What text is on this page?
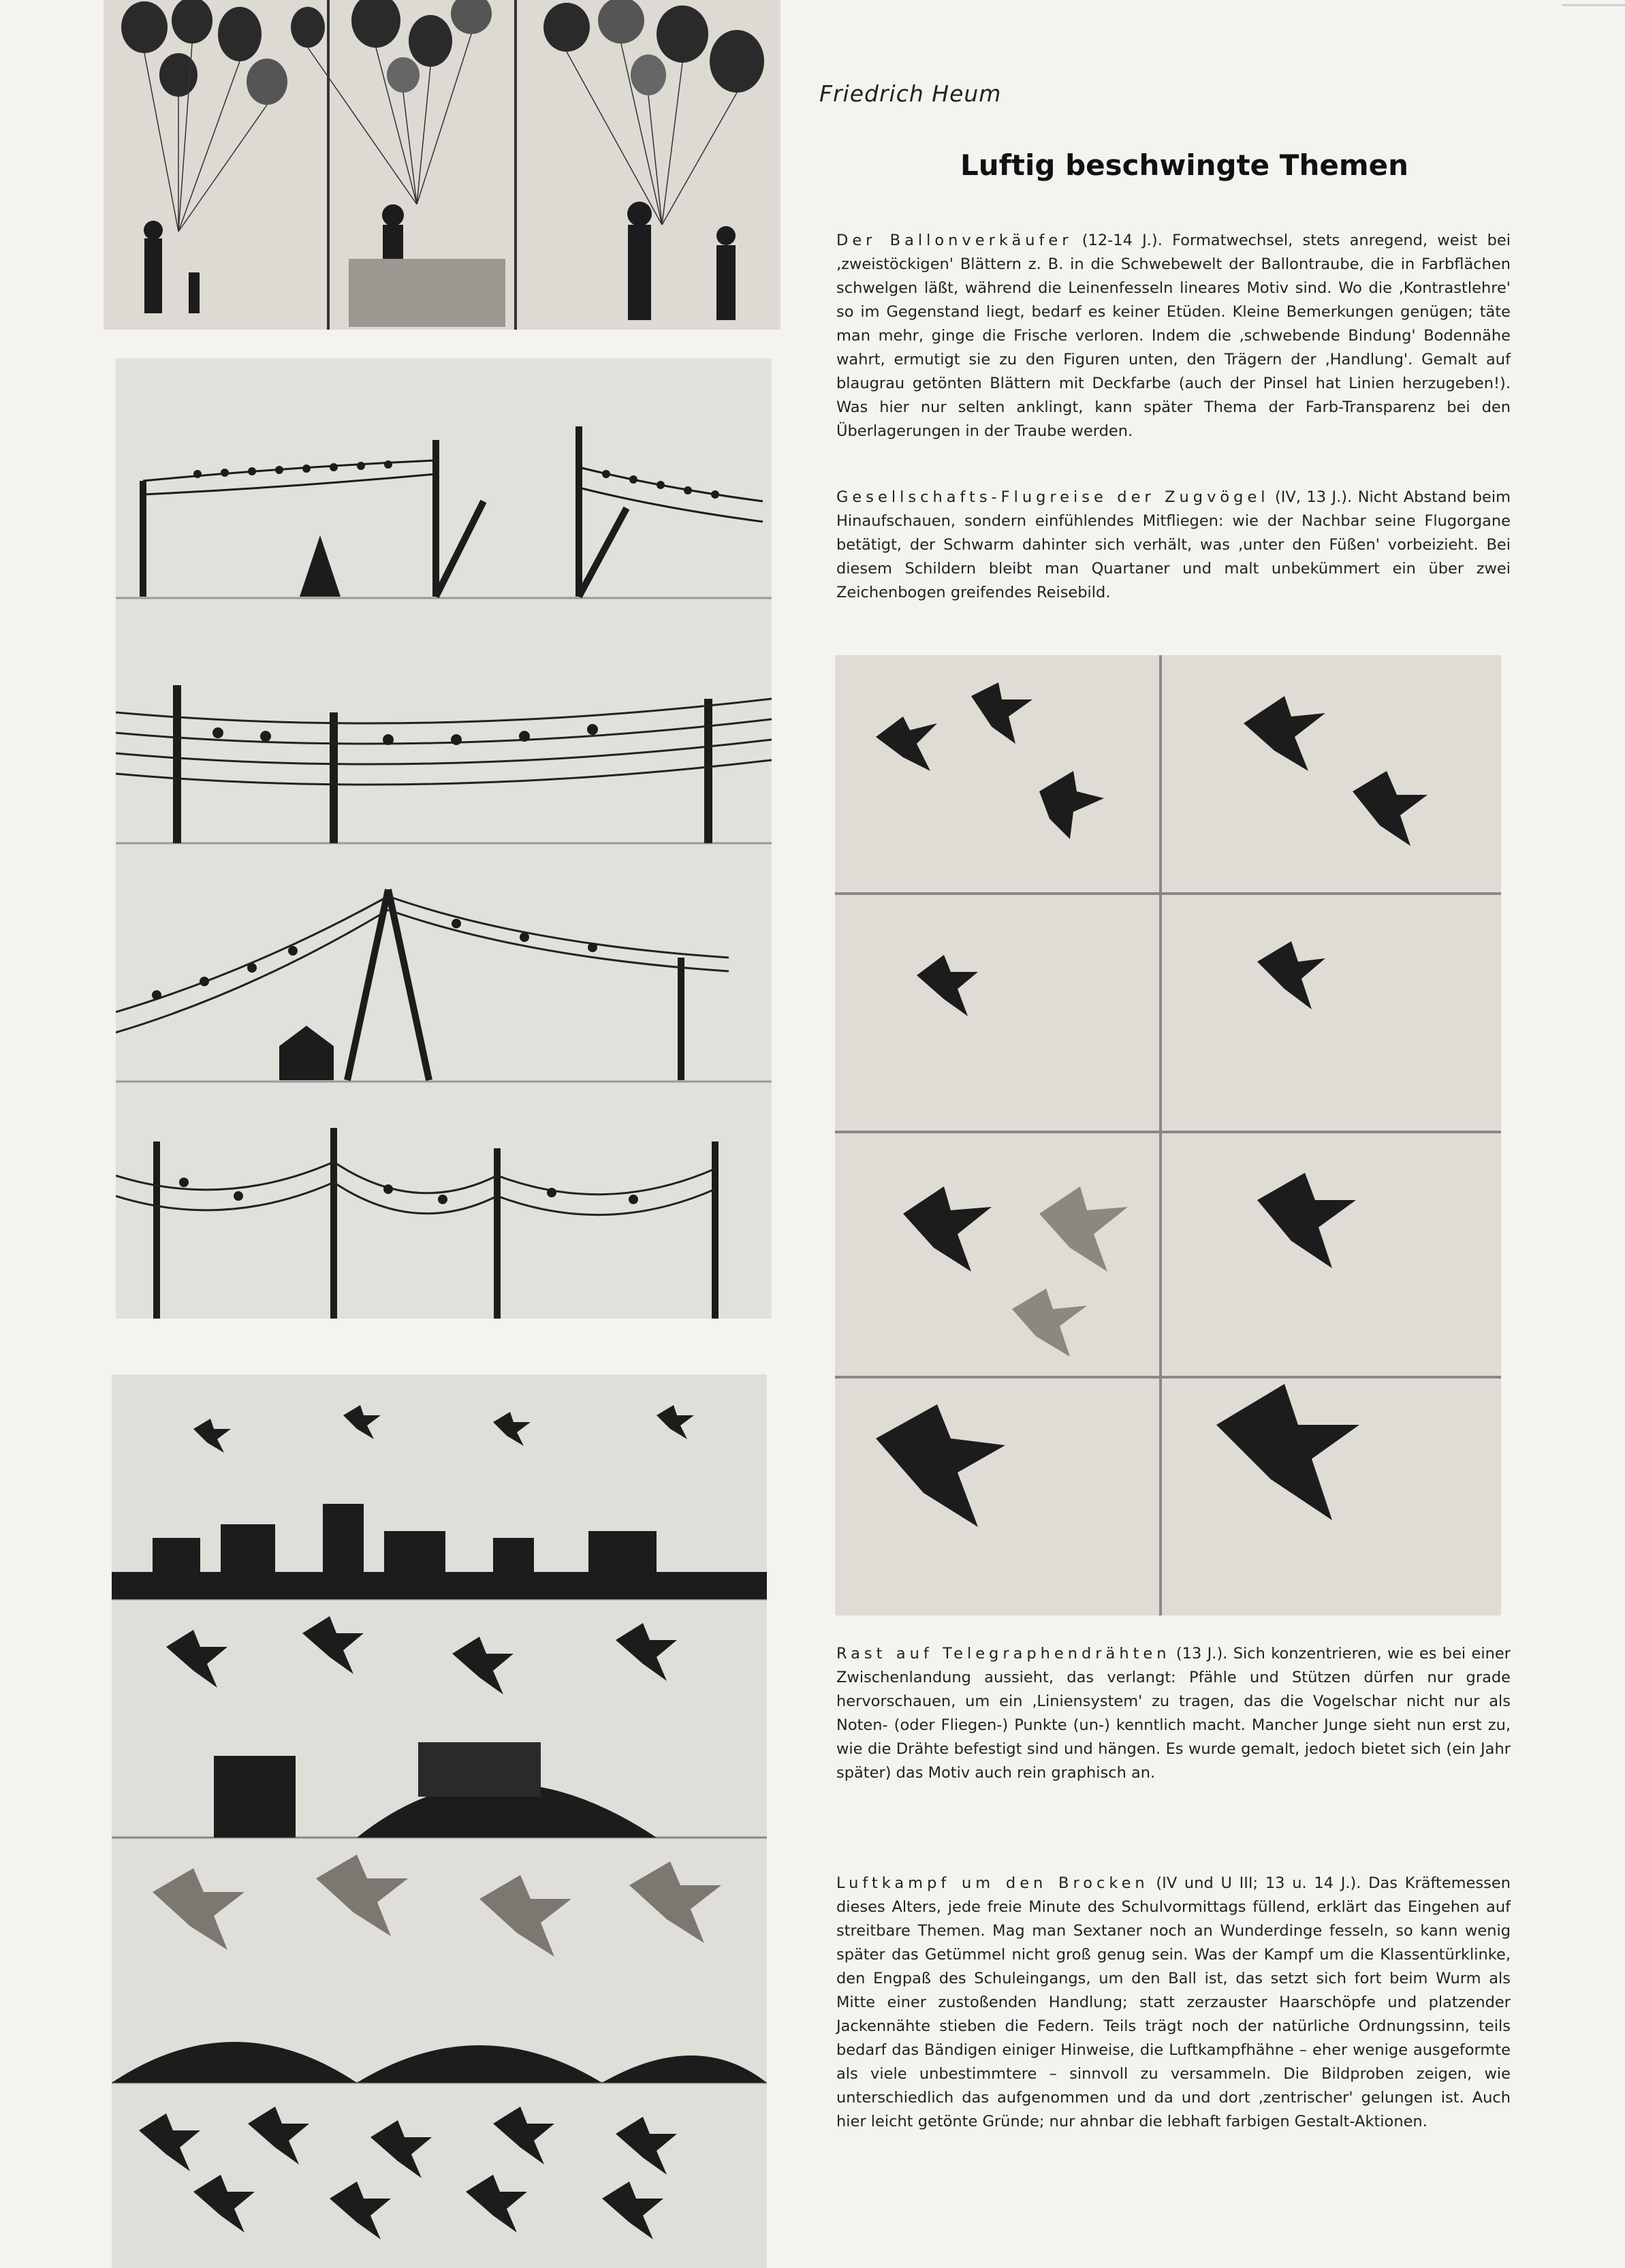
Friedrich Heum
Luftig beschwingte Themen

Der Ballonverkäufer (12-14 J.). Formatwechsel, stets anregend, weist bei ‚zweistöckigen' Blättern z. B. in die Schwebewelt der Ballontraube, die in Farbflächen schwelgen läßt, während die Leinenfesseln lineares Motiv sind. Wo die ‚Kontrastlehre' so im Gegenstand liegt, bedarf es keiner Etüden. Kleine Bemerkungen genügen; täte man mehr, ginge die Frische verloren. Indem die ‚schwebende Bindung' Bodennähe wahrt, ermutigt sie zu den Figuren unten, den Trägern der ‚Handlung'. Gemalt auf blaugrau getönten Blättern mit Deckfarbe (auch der Pinsel hat Linien herzugeben!). Was hier nur selten anklingt, kann später Thema der Farb-Transparenz bei den Überlagerungen in der Traube werden.

Gesellschafts-Flugreise der Zugvögel (IV, 13 J.). Nicht Abstand beim Hinaufschauen, sondern einfühlendes Mitfliegen: wie der Nachbar seine Flugorgane betätigt, der Schwarm dahinter sich verhält, was ‚unter den Füßen' vorbeizieht. Bei diesem Schildern bleibt man Quartaner und malt unbekümmert ein über zwei Zeichenbogen greifendes Reisebild.

Rast auf Telegraphendrähten (13 J.). Sich konzentrieren, wie es bei einer Zwischenlandung aussieht, das verlangt: Pfähle und Stützen dürfen nur grade hervorschauen, um ein ‚Liniensystem' zu tragen, das die Vogelschar nicht nur als Noten- (oder Fliegen-) Punkte (un-) kenntlich macht. Mancher Junge sieht nun erst zu, wie die Drähte befestigt sind und hängen. Es wurde gemalt, jedoch bietet sich (ein Jahr später) das Motiv auch rein graphisch an.

Luftkampf um den Brocken (IV und U III; 13 u. 14 J.). Das Kräftemessen dieses Alters, jede freie Minute des Schulvormittags füllend, erklärt das Eingehen auf streitbare Themen. Mag man Sextaner noch an Wunderdinge fesseln, so kann wenig später das Getümmel nicht groß genug sein. Was der Kampf um die Klassentürklinke, den Engpaß des Schuleingangs, um den Ball ist, das setzt sich fort beim Wurm als Mitte einer zustoßenden Handlung; statt zerzauster Haarschöpfe und platzender Jackennähte stieben die Federn. Teils trägt noch der natürliche Ordnungssinn, teils bedarf das Bändigen einiger Hinweise, die Luftkampfhähne – eher wenige ausgeformte als viele unbestimmtere – sinnvoll zu versammeln. Die Bildproben zeigen, wie unterschiedlich das aufgenommen und da und dort ‚zentrischer' gelungen ist. Auch hier leicht getönte Gründe; nur ahnbar die lebhaft farbigen Gestalt-Aktionen.
